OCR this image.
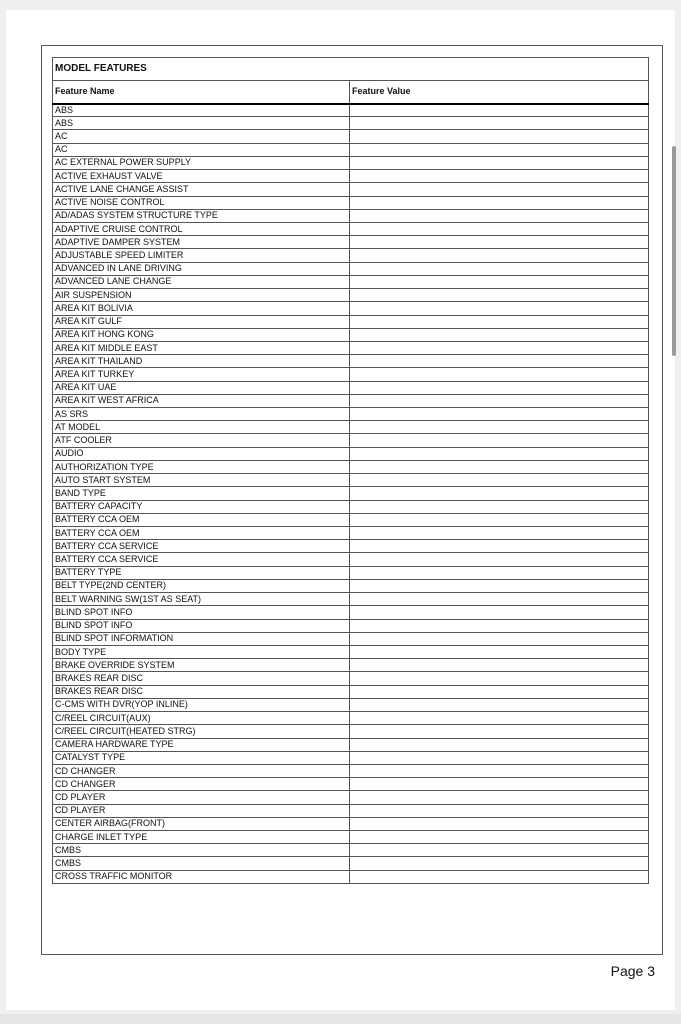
MODEL FEATURES	
Feature Name	Feature Value
ABS	
ABS	
AC	
AC	
AC EXTERNAL POWER SUPPLY	
ACTIVE EXHAUST VALVE	
ACTIVE LANE CHANGE ASSIST	
ACTIVE NOISE CONTROL	
AD/ADAS SYSTEM STRUCTURE TYPE	
ADAPTIVE CRUISE CONTROL	
ADAPTIVE DAMPER SYSTEM	
ADJUSTABLE SPEED LIMITER	
ADVANCED IN LANE DRIVING	
ADVANCED LANE CHANGE	
AIR SUSPENSION	
AREA KIT BOLIVIA	
AREA KIT GULF	
AREA KIT HONG KONG	
AREA KIT MIDDLE EAST	
AREA KIT THAILAND	
AREA KIT TURKEY	
AREA KIT UAE	
AREA KIT WEST AFRICA	
AS SRS	
AT MODEL	
ATF COOLER	
AUDIO	
AUTHORIZATION TYPE	
AUTO START SYSTEM	
BAND TYPE	
BATTERY CAPACITY	
BATTERY CCA OEM	
BATTERY CCA OEM	
BATTERY CCA SERVICE	
BATTERY CCA SERVICE	
BATTERY TYPE	
BELT TYPE(2ND CENTER)	
BELT WARNING SW(1ST AS SEAT)	
BLIND SPOT INFO	
BLIND SPOT INFO	
BLIND SPOT INFORMATION	
BODY TYPE	
BRAKE OVERRIDE SYSTEM	
BRAKES REAR DISC	
BRAKES REAR DISC	
C-CMS WITH DVR(YOP INLINE)	
C/REEL CIRCUIT(AUX)	
C/REEL CIRCUIT(HEATED STRG)	
CAMERA HARDWARE TYPE	
CATALYST TYPE	
CD CHANGER	
CD CHANGER	
CD PLAYER	
CD PLAYER	
CENTER AIRBAG(FRONT)	
CHARGE INLET TYPE	
CMBS	
CMBS	
CROSS TRAFFIC MONITOR	
Page 3
